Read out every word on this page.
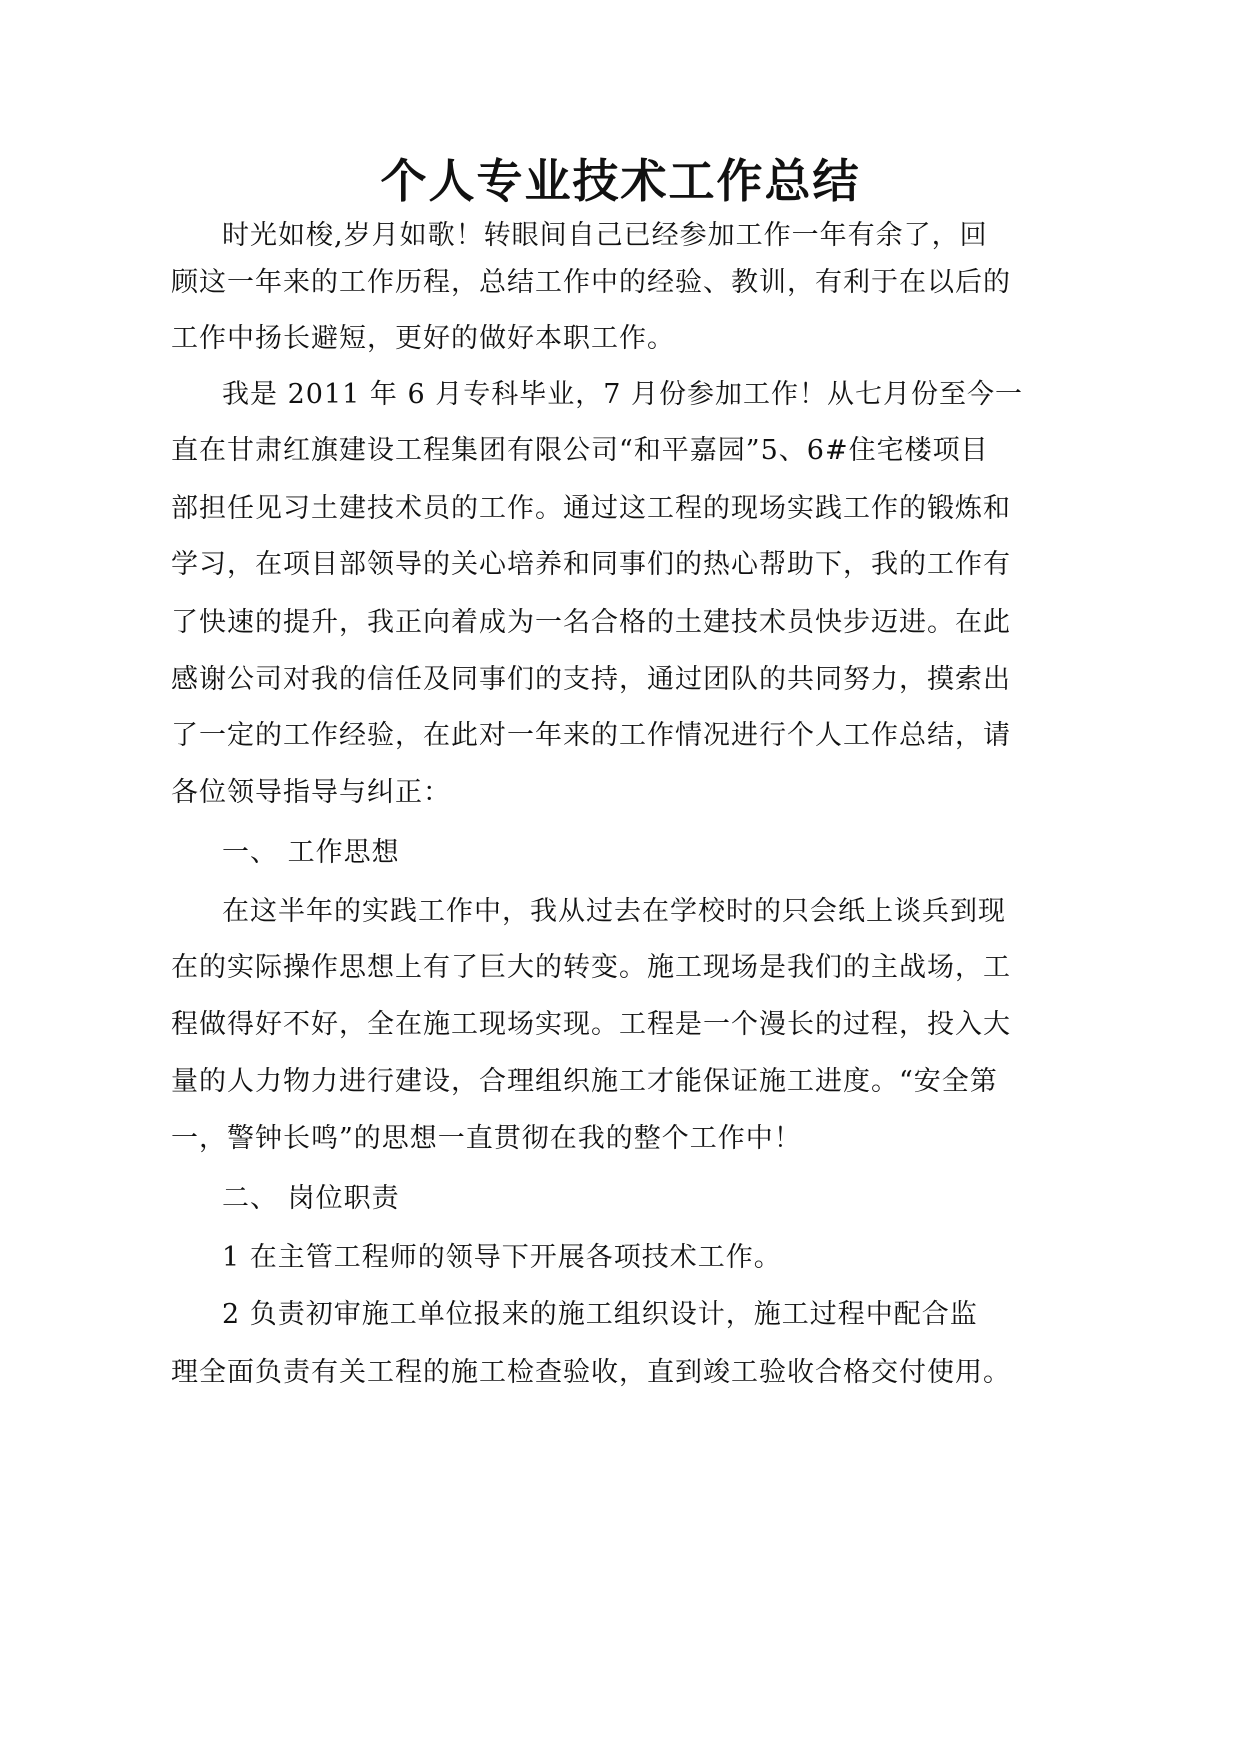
个人专业技术工作总结
时光如梭,岁月如歌！转眼间自己已经参加工作一年有余了，回
顾这一年来的工作历程，总结工作中的经验、教训，有利于在以后的
工作中扬长避短，更好的做好本职工作。
我是 2011 年 6 月专科毕业，7 月份参加工作！从七月份至今一
直在甘肃红旗建设工程集团有限公司“和平嘉园”5、6#住宅楼项目
部担任见习土建技术员的工作。通过这工程的现场实践工作的锻炼和
学习，在项目部领导的关心培养和同事们的热心帮助下，我的工作有
了快速的提升，我正向着成为一名合格的土建技术员快步迈进。在此
感谢公司对我的信任及同事们的支持，通过团队的共同努力，摸索出
了一定的工作经验，在此对一年来的工作情况进行个人工作总结，请
各位领导指导与纠正：
一、 工作思想
在这半年的实践工作中，我从过去在学校时的只会纸上谈兵到现
在的实际操作思想上有了巨大的转变。施工现场是我们的主战场，工
程做得好不好，全在施工现场实现。工程是一个漫长的过程，投入大
量的人力物力进行建设，合理组织施工才能保证施工进度。“安全第
一，警钟长鸣”的思想一直贯彻在我的整个工作中！
二、 岗位职责
1 在主管工程师的领导下开展各项技术工作。
2 负责初审施工单位报来的施工组织设计，施工过程中配合监
理全面负责有关工程的施工检查验收，直到竣工验收合格交付使用。
